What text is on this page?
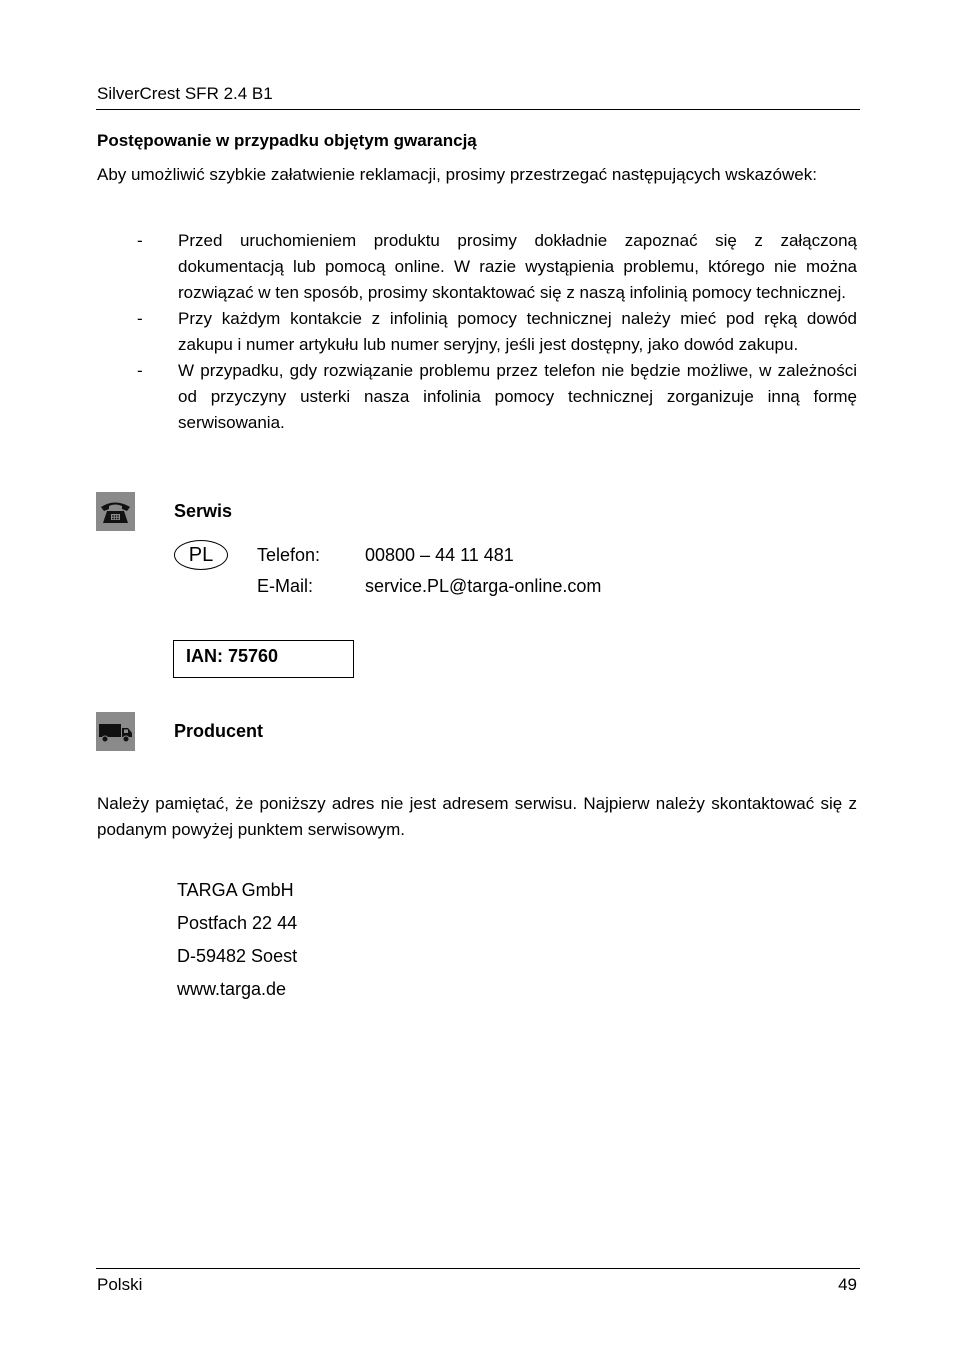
SilverCrest SFR 2.4 B1
Postępowanie w przypadku objętym gwarancją
Aby umożliwić szybkie załatwienie reklamacji, prosimy przestrzegać następujących wskazówek:
- Przed uruchomieniem produktu prosimy dokładnie zapoznać się z załączoną dokumentacją lub pomocą online. W razie wystąpienia problemu, którego nie można rozwiązać w ten sposób, prosimy skontaktować się z naszą infolinią pomocy technicznej.
- Przy każdym kontakcie z infolinią pomocy technicznej należy mieć pod ręką dowód zakupu i numer artykułu lub numer seryjny, jeśli jest dostępny, jako dowód zakupu.
- W przypadku, gdy rozwiązanie problemu przez telefon nie będzie możliwe, w zależności od przyczyny usterki nasza infolinia pomocy technicznej zorganizuje inną formę serwisowania.
Serwis
PL	Telefon: 00800 – 44 11 481
E-Mail:	service.PL@targa-online.com
IAN: 75760
Producent
Należy pamiętać, że poniższy adres nie jest adresem serwisu. Najpierw należy skontaktować się z podanym powyżej punktem serwisowym.
TARGA GmbH
Postfach 22 44
D-59482 Soest
www.targa.de
Polski	49
